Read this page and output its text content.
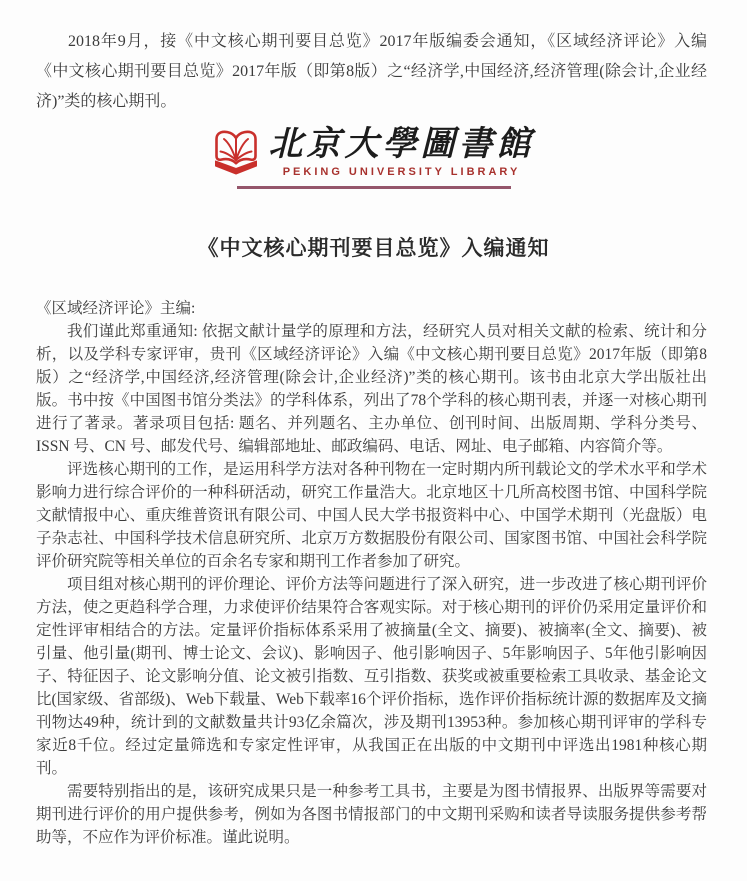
2018年9月，接《中文核心期刊要目总览》2017年版编委会通知，《区域经济评论》入编《中文核心期刊要目总览》2017年版（即第8版）之“经济学,中国经济,经济管理(除会计,企业经济)”类的核心期刊。

北京大學圖書館
PEKING UNIVERSITY LIBRARY
《中文核心期刊要目总览》入编通知

《区域经济评论》主编:

我们谨此郑重通知: 依据文献计量学的原理和方法，经研究人员对相关文献的检索、统计和分析，以及学科专家评审，贵刊《区域经济评论》入编《中文核心期刊要目总览》2017年版（即第8版）之“经济学,中国经济,经济管理(除会计,企业经济)”类的核心期刊。该书由北京大学出版社出版。书中按《中国图书馆分类法》的学科体系，列出了78个学科的核心期刊表，并逐一对核心期刊进行了著录。著录项目包括: 题名、并列题名、主办单位、创刊时间、出版周期、学科分类号、ISSN 号、CN 号、邮发代号、编辑部地址、邮政编码、电话、网址、电子邮箱、内容简介等。

评选核心期刊的工作，是运用科学方法对各种刊物在一定时期内所刊载论文的学术水平和学术影响力进行综合评价的一种科研活动，研究工作量浩大。北京地区十几所高校图书馆、中国科学院文献情报中心、重庆维普资讯有限公司、中国人民大学书报资料中心、中国学术期刊（光盘版）电子杂志社、中国科学技术信息研究所、北京万方数据股份有限公司、国家图书馆、中国社会科学院评价研究院等相关单位的百余名专家和期刊工作者参加了研究。

项目组对核心期刊的评价理论、评价方法等问题进行了深入研究，进一步改进了核心期刊评价方法，使之更趋科学合理，力求使评价结果符合客观实际。对于核心期刊的评价仍采用定量评价和定性评审相结合的方法。定量评价指标体系采用了被摘量(全文、摘要)、被摘率(全文、摘要)、被引量、他引量(期刊、博士论文、会议)、影响因子、他引影响因子、5年影响因子、5年他引影响因子、特征因子、论文影响分值、论文被引指数、互引指数、获奖或被重要检索工具收录、基金论文比(国家级、省部级)、Web下载量、Web下载率16个评价指标，选作评价指标统计源的数据库及文摘刊物达49种，统计到的文献数量共计93亿余篇次，涉及期刊13953种。参加核心期刊评审的学科专家近8千位。经过定量筛选和专家定性评审，从我国正在出版的中文期刊中评选出1981种核心期刊。

需要特别指出的是，该研究成果只是一种参考工具书，主要是为图书情报界、出版界等需要对期刊进行评价的用户提供参考，例如为各图书情报部门的中文期刊采购和读者导读服务提供参考帮助等，不应作为评价标准。谨此说明。
